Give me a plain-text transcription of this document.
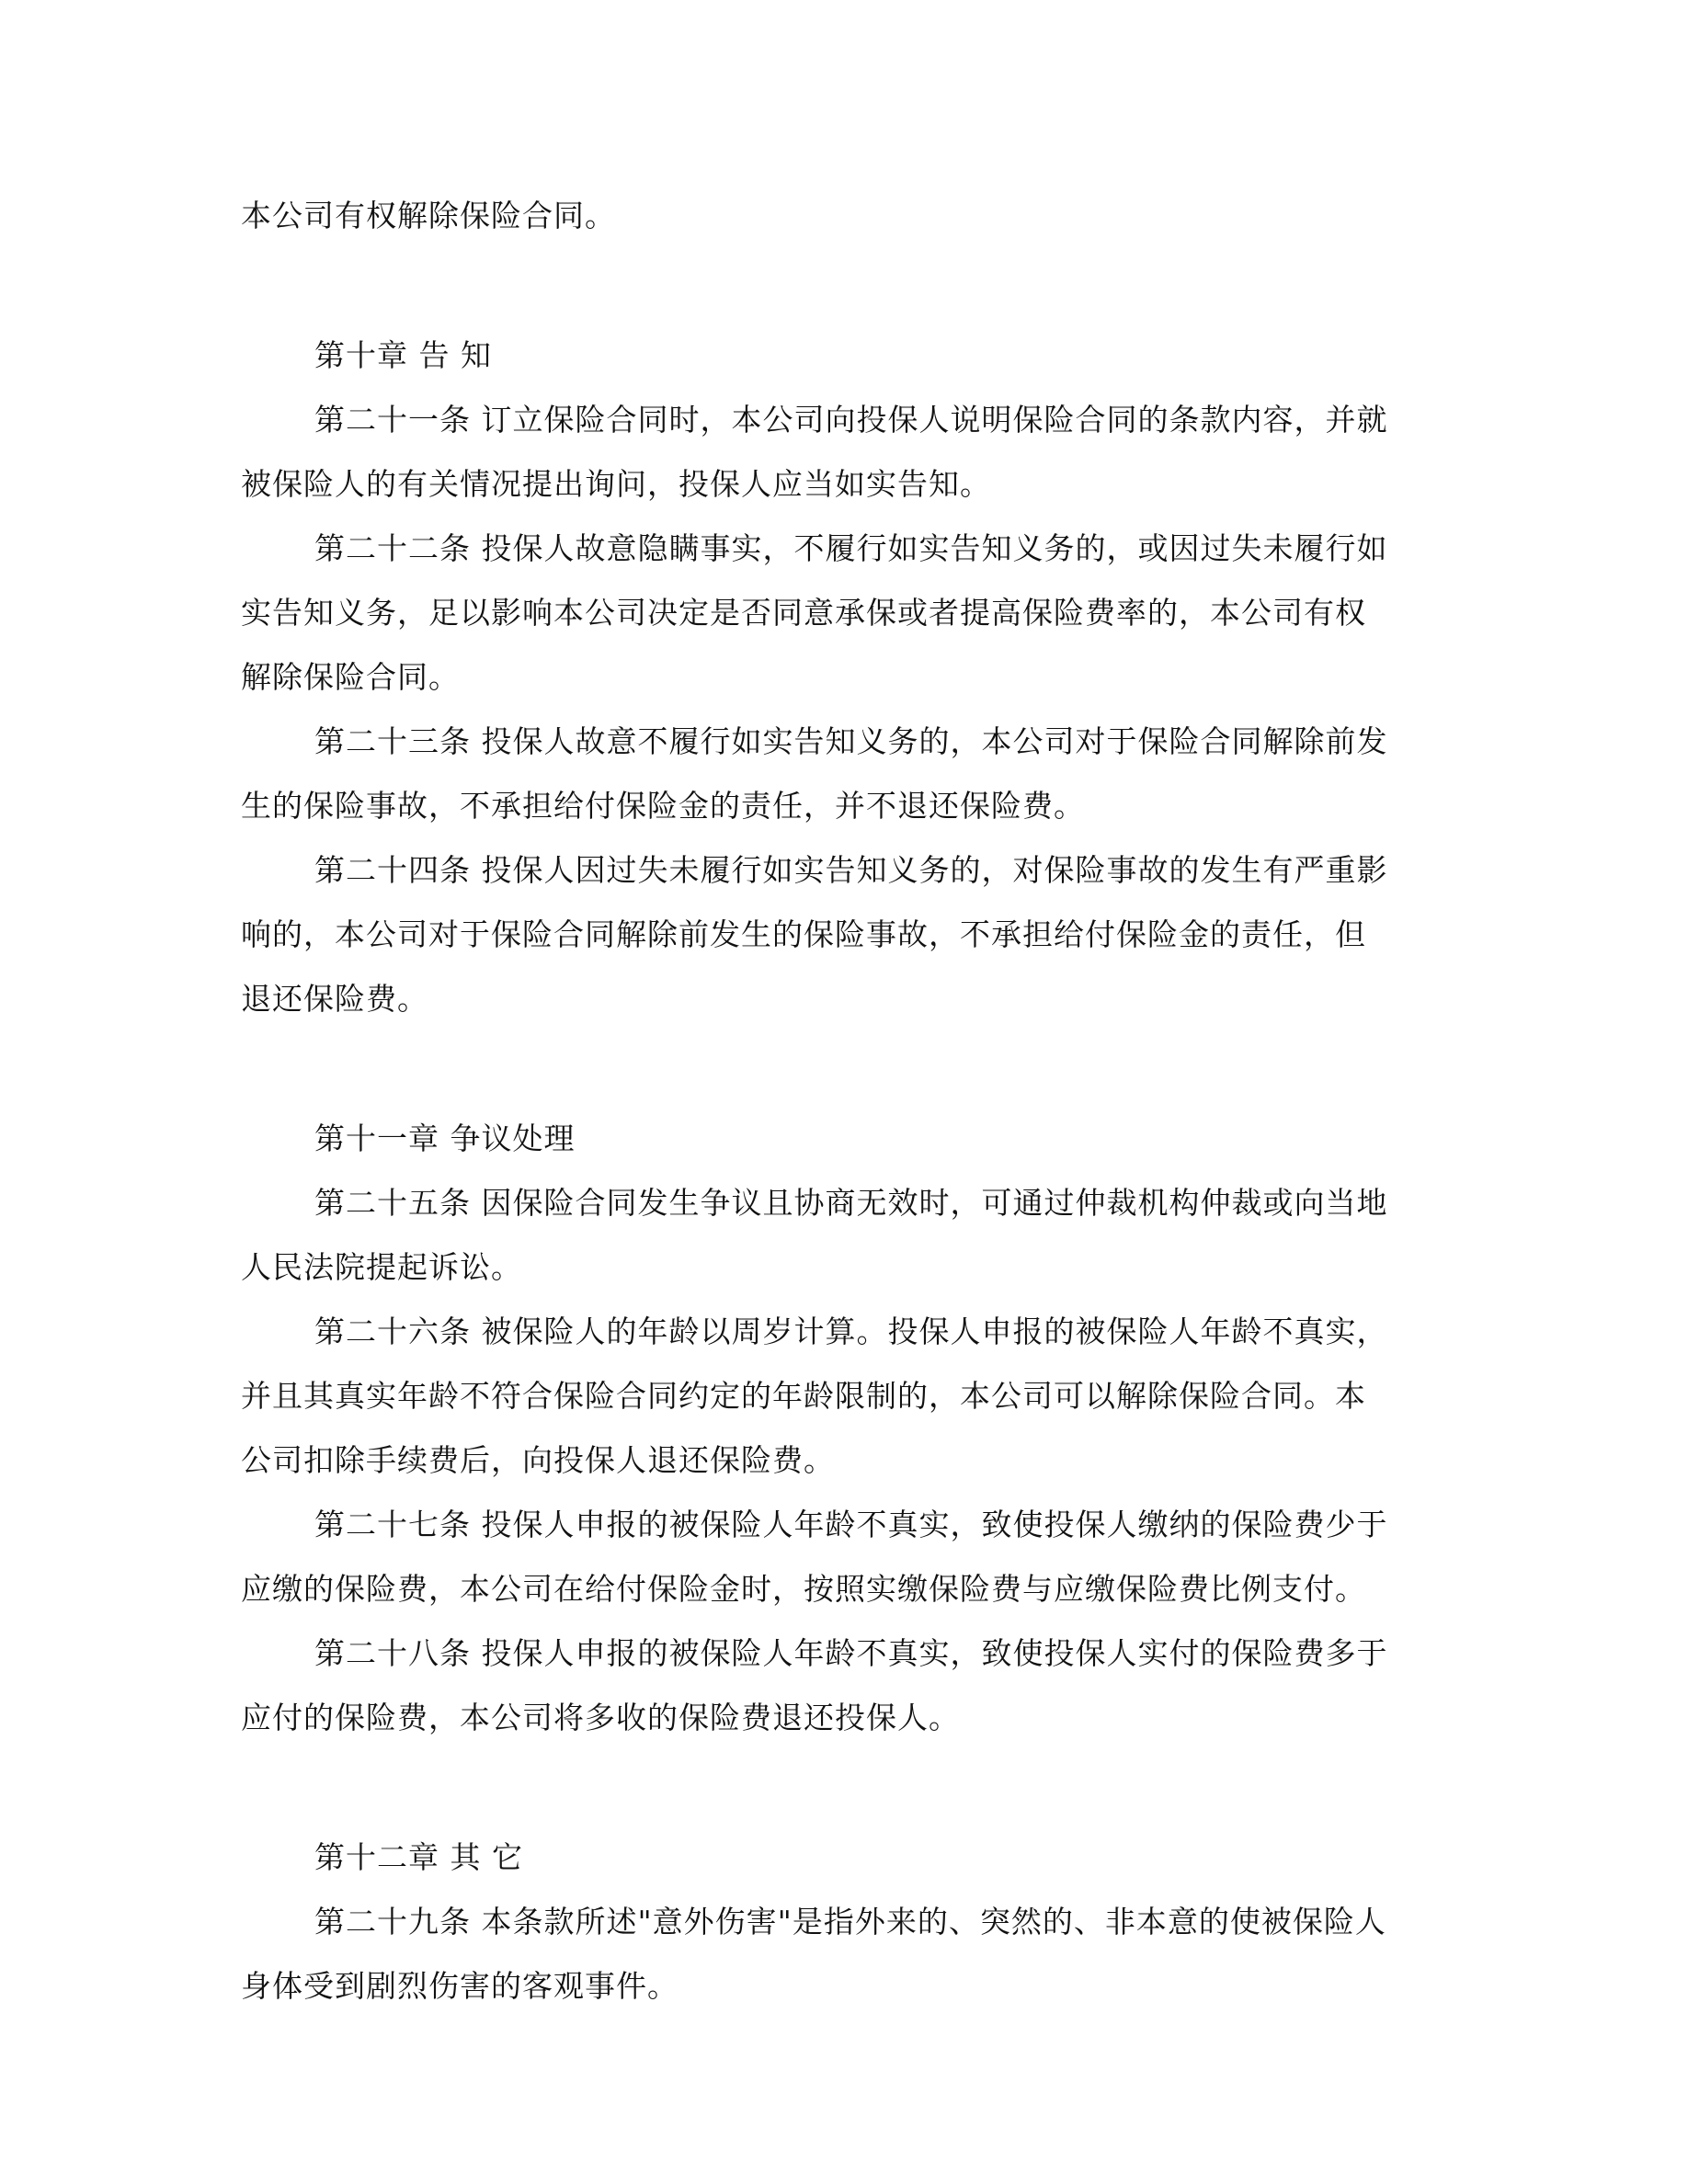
本公司有权解除保险合同。
第十章 告 知
第二十一条 订立保险合同时，本公司向投保人说明保险合同的条款内容，并就
被保险人的有关情况提出询问，投保人应当如实告知。
第二十二条 投保人故意隐瞒事实，不履行如实告知义务的，或因过失未履行如
实告知义务，足以影响本公司决定是否同意承保或者提高保险费率的，本公司有权
解除保险合同。
第二十三条 投保人故意不履行如实告知义务的，本公司对于保险合同解除前发
生的保险事故，不承担给付保险金的责任，并不退还保险费。
第二十四条 投保人因过失未履行如实告知义务的，对保险事故的发生有严重影
响的，本公司对于保险合同解除前发生的保险事故，不承担给付保险金的责任，但
退还保险费。
第十一章 争议处理
第二十五条 因保险合同发生争议且协商无效时，可通过仲裁机构仲裁或向当地
人民法院提起诉讼。
第二十六条 被保险人的年龄以周岁计算。投保人申报的被保险人年龄不真实，
并且其真实年龄不符合保险合同约定的年龄限制的，本公司可以解除保险合同。本
公司扣除手续费后，向投保人退还保险费。
第二十七条 投保人申报的被保险人年龄不真实，致使投保人缴纳的保险费少于
应缴的保险费，本公司在给付保险金时，按照实缴保险费与应缴保险费比例支付。
第二十八条 投保人申报的被保险人年龄不真实，致使投保人实付的保险费多于
应付的保险费，本公司将多收的保险费退还投保人。
第十二章 其 它
第二十九条 本条款所述"意外伤害"是指外来的、突然的、非本意的使被保险人
身体受到剧烈伤害的客观事件。
